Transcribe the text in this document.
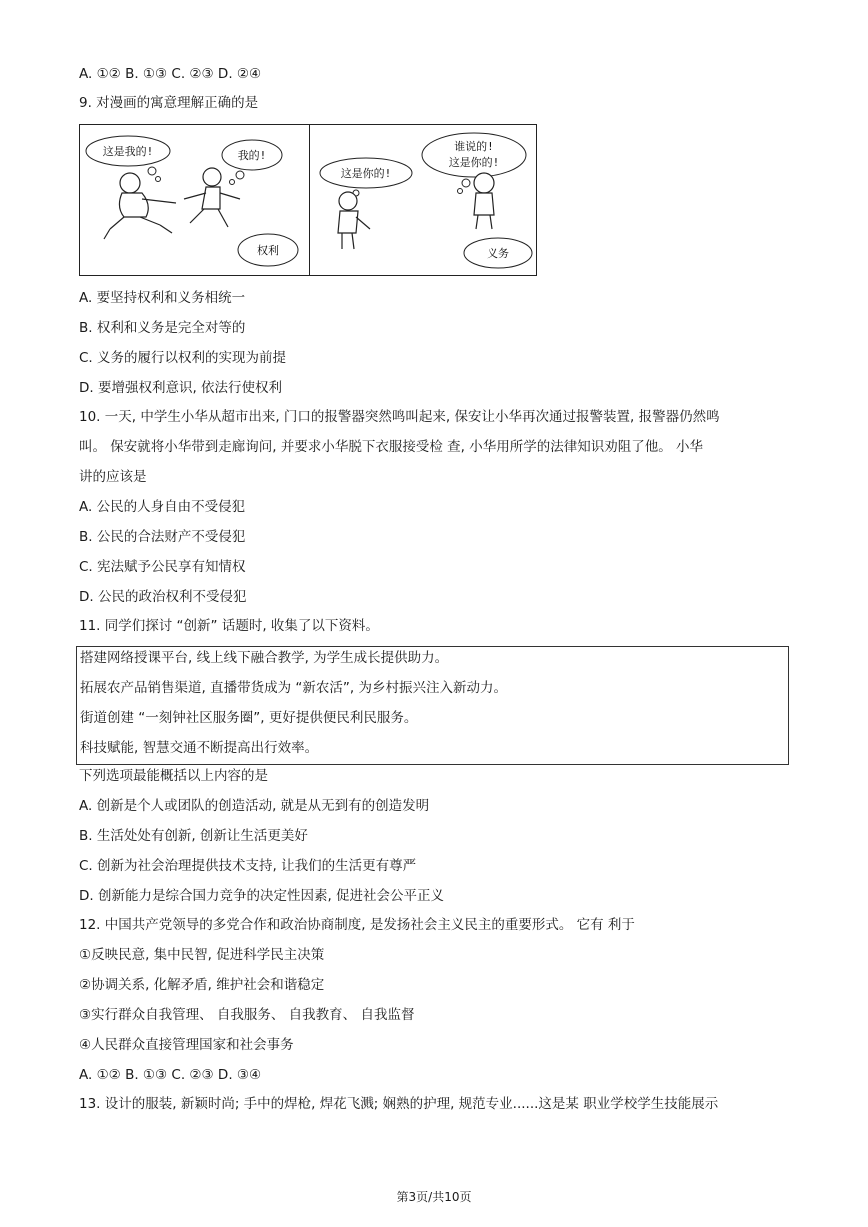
A. ①② B. ①③ C. ②③ D. ②④
9. 对漫画的寓意理解正确的是
这是我的!	我的!
权利
这是你的!
谁说的!
这是你的!
义务
A. 要坚持权利和义务相统一
B. 权利和义务是完全对等的
C. 义务的履行以权利的实现为前提
D. 要增强权利意识, 依法行使权利
10. 一天, 中学生小华从超市出来, 门口的报警器突然鸣叫起来, 保安让小华再次通过报警装置, 报警器仍然鸣
叫。 保安就将小华带到走廊询问, 并要求小华脱下衣服接受检 查, 小华用所学的法律知识劝阻了他。 小华
讲的应该是
A. 公民的人身自由不受侵犯
B. 公民的合法财产不受侵犯
C. 宪法赋予公民享有知情权
D. 公民的政治权利不受侵犯
11. 同学们探讨 “创新” 话题时, 收集了以下资料。
搭建网络授课平台, 线上线下融合教学, 为学生成长提供助力。
拓展农产品销售渠道, 直播带货成为 “新农活”, 为乡村振兴注入新动力。
街道创建 “一刻钟社区服务圈”, 更好提供便民利民服务。
科技赋能, 智慧交通不断提高出行效率。
下列选项最能概括以上内容的是
A. 创新是个人或团队的创造活动, 就是从无到有的创造发明
B. 生活处处有创新, 创新让生活更美好
C. 创新为社会治理提供技术支持, 让我们的生活更有尊严
D. 创新能力是综合国力竞争的决定性因素, 促进社会公平正义
12. 中国共产党领导的多党合作和政治协商制度, 是发扬社会主义民主的重要形式。 它有 利于
①反映民意, 集中民智, 促进科学民主决策
②协调关系, 化解矛盾, 维护社会和谐稳定
③实行群众自我管理、 自我服务、 自我教育、 自我监督
④人民群众直接管理国家和社会事务
A. ①② B. ①③ C. ②③ D. ③④
13. 设计的服装, 新颖时尚; 手中的焊枪, 焊花飞溅; 娴熟的护理, 规范专业......这是某 职业学校学生技能展示
第3页/共10页
